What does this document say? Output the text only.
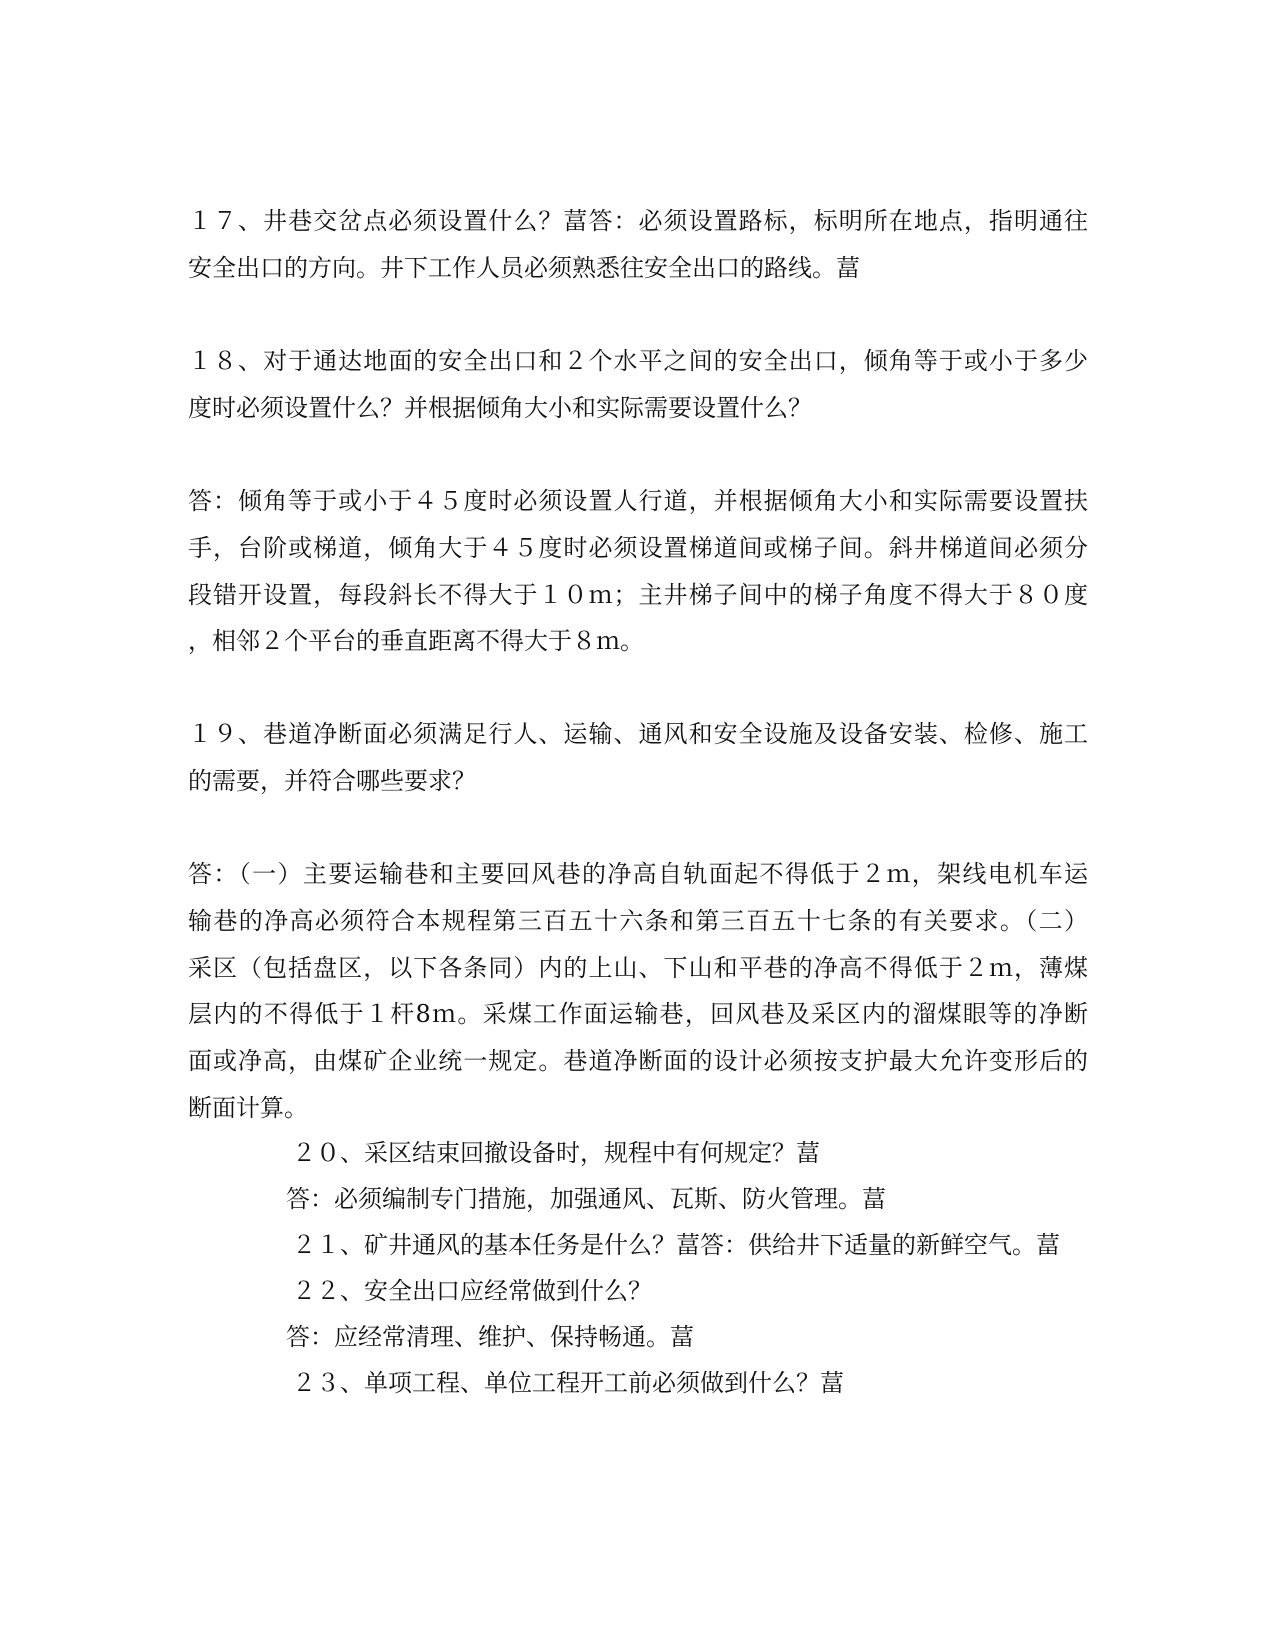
１７、井巷交岔点必须设置什么？葍答：必须设置路标，标明所在地点，指明通往
安全出口的方向。井下工作人员必须熟悉往安全出口的路线。葍
１８、对于通达地面的安全出口和２个水平之间的安全出口，倾角等于或小于多少
度时必须设置什么？并根据倾角大小和实际需要设置什么？
答：倾角等于或小于４５度时必须设置人行道，并根据倾角大小和实际需要设置扶
手，台阶或梯道，倾角大于４５度时必须设置梯道间或梯子间。斜井梯道间必须分
段错开设置，每段斜长不得大于１０ｍ；主井梯子间中的梯子角度不得大于８０度
，相邻２个平台的垂直距离不得大于８ｍ。
１９、巷道净断面必须满足行人、运输、通风和安全设施及设备安装、检修、施工
的需要，并符合哪些要求？
答：（一）主要运输巷和主要回风巷的净高自轨面起不得低于２ｍ，架线电机车运
输巷的净高必须符合本规程第三百五十六条和第三百五十七条的有关要求。（二）
采区（包括盘区，以下各条同）内的上山、下山和平巷的净高不得低于２ｍ，薄煤
层内的不得低于１杆8ｍ。采煤工作面运输巷，回风巷及采区内的溜煤眼等的净断
面或净高，由煤矿企业统一规定。巷道净断面的设计必须按支护最大允许变形后的
断面计算。
２０、采区结束回撤设备时，规程中有何规定？葍
答：必须编制专门措施，加强通风、瓦斯、防火管理。葍
２１、矿井通风的基本任务是什么？葍答：供给井下适量的新鲜空气。葍
２２、安全出口应经常做到什么？
答：应经常清理、维护、保持畅通。葍
２３、单项工程、单位工程开工前必须做到什么？葍
